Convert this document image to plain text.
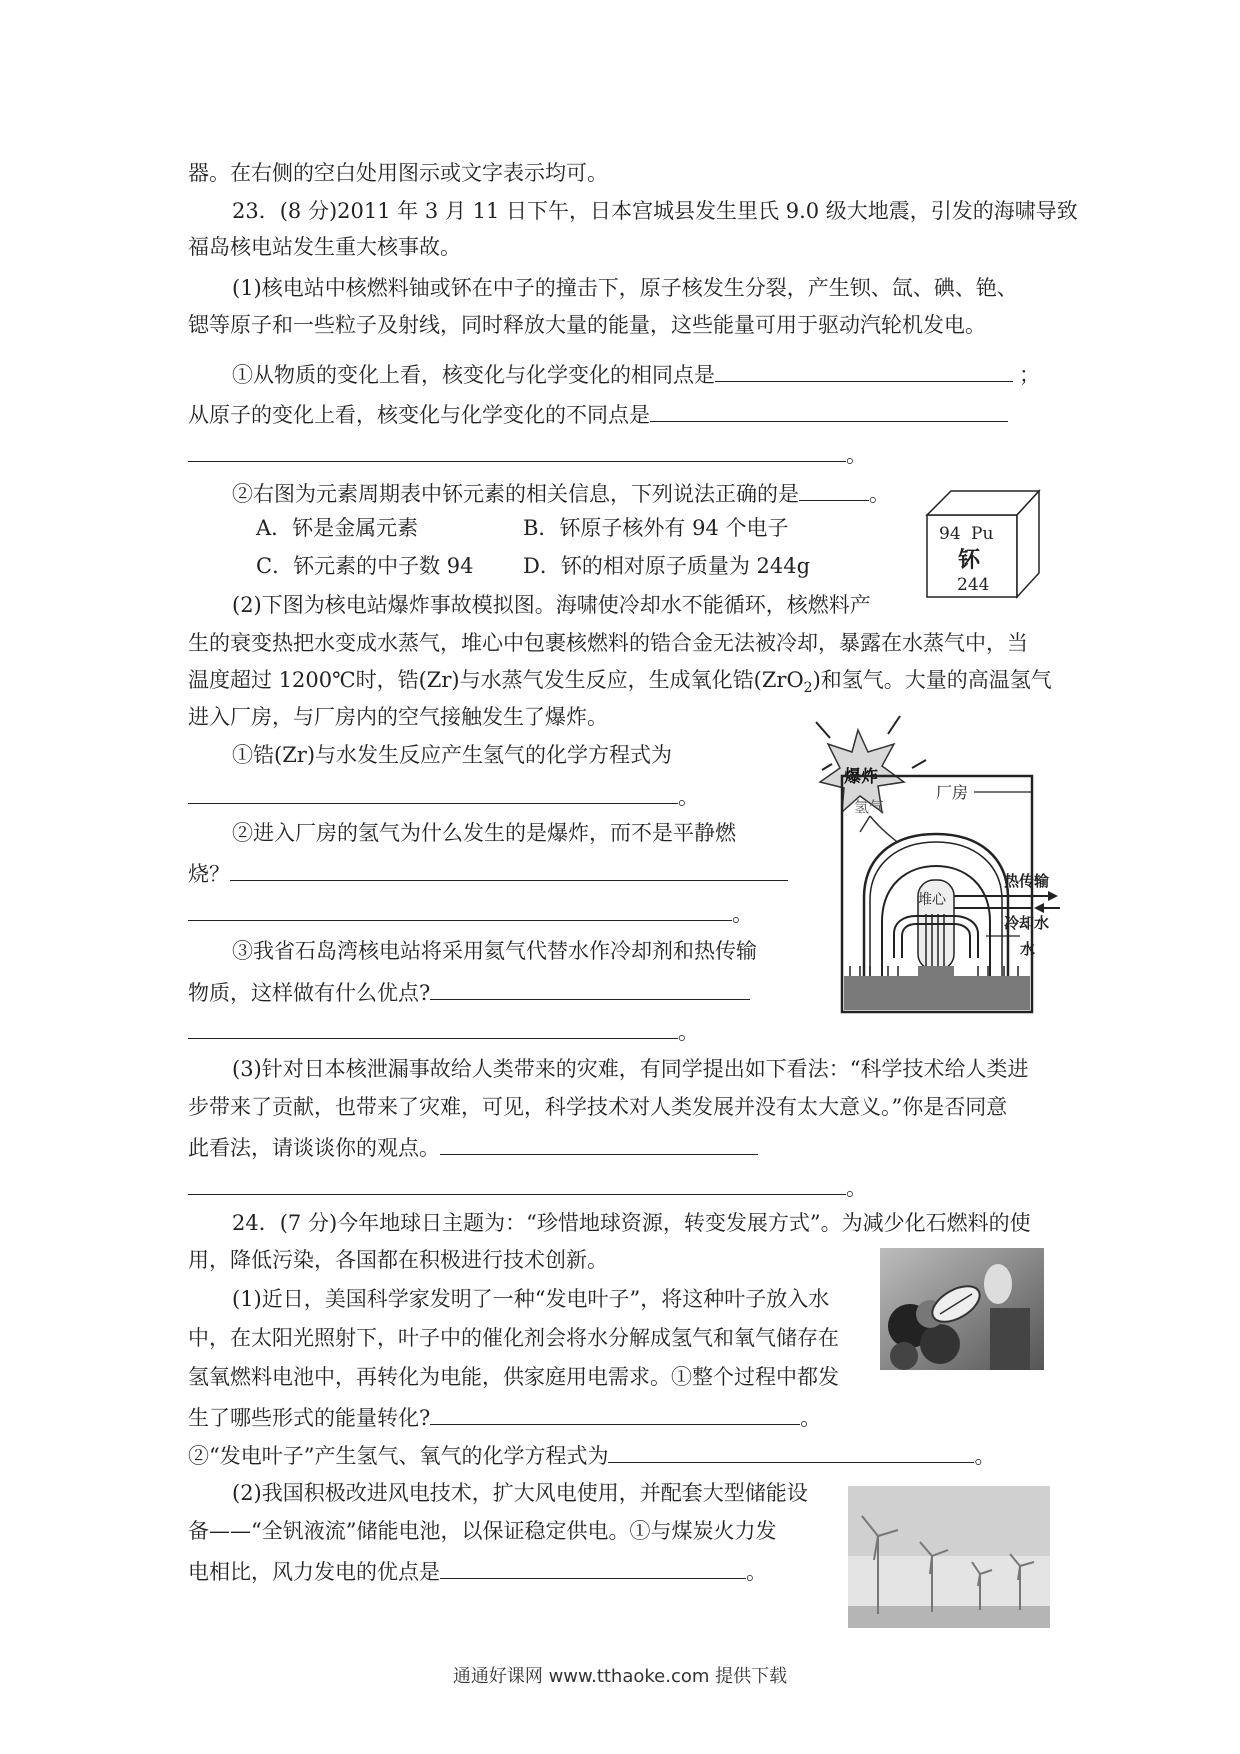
器。在右侧的空白处用图示或文字表示均可。
23．(8 分)2011 年 3 月 11 日下午，日本宫城县发生里氏 9.0 级大地震，引发的海啸导致
福岛核电站发生重大核事故。
(1)核电站中核燃料铀或钚在中子的撞击下，原子核发生分裂，产生钡、氙、碘、铯、
锶等原子和一些粒子及射线，同时释放大量的能量，这些能量可用于驱动汽轮机发电。
①从物质的变化上看，核变化与化学变化的相同点是	；
从原子的变化上看，核变化与化学变化的不同点是
。
②右图为元素周期表中钚元素的相关信息，下列说法正确的是	。
A．钚是金属元素	B．钚原子核外有 94 个电子
C．钚元素的中子数 94 D．钚的相对原子质量为 244g
94 Pu
钚
244
(2)下图为核电站爆炸事故模拟图。海啸使冷却水不能循环，核燃料产
生的衰变热把水变成水蒸气，堆心中包裹核燃料的锆合金无法被冷却，暴露在水蒸气中，当
温度超过 1200℃时，锆(Zr)与水蒸气发生反应，生成氧化锆(ZrO$_2$)和氢气。大量的高温氢气
进入厂房，与厂房内的空气接触发生了爆炸。
①锆(Zr)与水发生反应产生氢气的化学方程式为
。
②进入厂房的氢气为什么发生的是爆炸，而不是平静燃
烧？
。
③我省石岛湾核电站将采用氦气代替水作冷却剂和热传输
物质，这样做有什么优点?
。
爆炸
氢气
厂房
堆心
热传输
冷却水
水
(3)针对日本核泄漏事故给人类带来的灾难，有同学提出如下看法：“科学技术给人类进
步带来了贡献，也带来了灾难，可见，科学技术对人类发展并没有太大意义。”你是否同意
此看法，请谈谈你的观点。
。
24．(7 分)今年地球日主题为：“珍惜地球资源，转变发展方式”。为减少化石燃料的使
用，降低污染，各国都在积极进行技术创新。
(1)近日，美国科学家发明了一种“发电叶子”，将这种叶子放入水
中，在太阳光照射下，叶子中的催化剂会将水分解成氢气和氧气储存在
氢氧燃料电池中，再转化为电能，供家庭用电需求。①整个过程中都发
生了哪些形式的能量转化?	。
②“发电叶子”产生氢气、氧气的化学方程式为	。
(2)我国积极改进风电技术，扩大风电使用，并配套大型储能设
备——“全钒液流”储能电池，以保证稳定供电。①与煤炭火力发
电相比，风力发电的优点是	。
通通好课网 www.tthaoke.com 提供下载
